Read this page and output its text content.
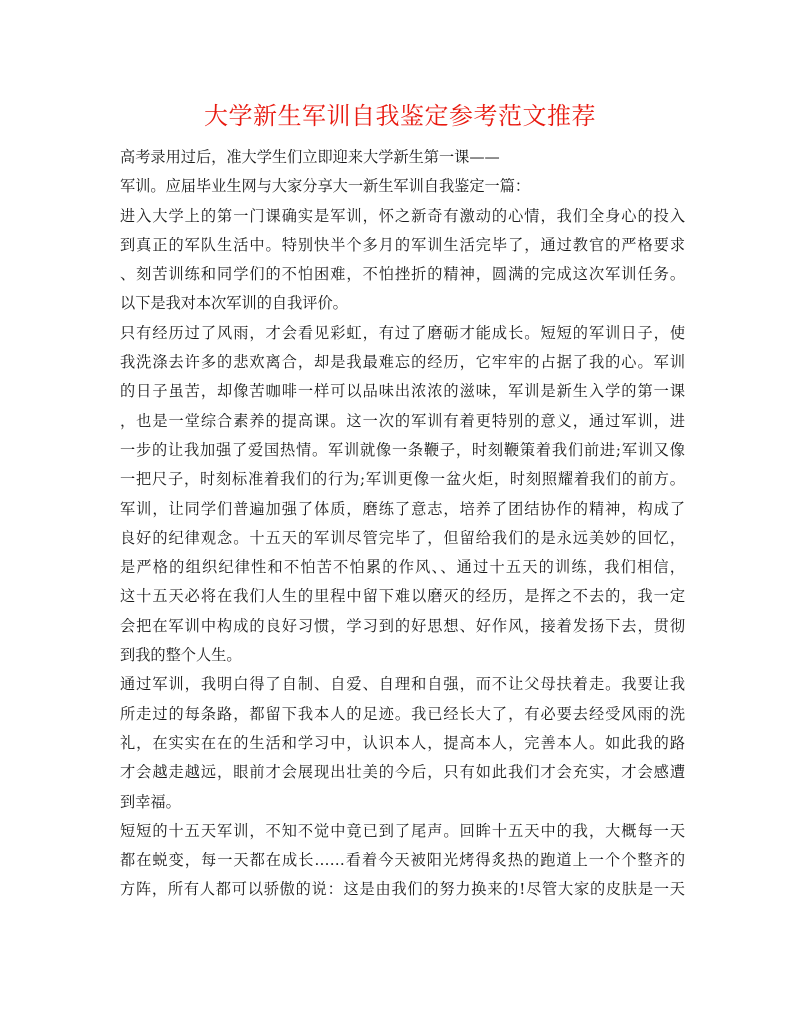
大学新生军训自我鉴定参考范文推荐
高考录用过后，准大学生们立即迎来大学新生第一课——
军训。应届毕业生网与大家分享大一新生军训自我鉴定一篇：
进入大学上的第一门课确实是军训，怀之新奇有激动的心情，我们全身心的投入
到真正的军队生活中。特别快半个多月的军训生活完毕了，通过教官的严格要求
、刻苦训练和同学们的不怕困难，不怕挫折的精神，圆满的完成这次军训任务。
以下是我对本次军训的自我评价。
只有经历过了风雨，才会看见彩虹，有过了磨砺才能成长。短短的军训日子，使
我洗涤去许多的悲欢离合，却是我最难忘的经历，它牢牢的占据了我的心。军训
的日子虽苦，却像苦咖啡一样可以品味出浓浓的滋味，军训是新生入学的第一课
，也是一堂综合素养的提高课。这一次的军训有着更特别的意义，通过军训，进
一步的让我加强了爱国热情。军训就像一条鞭子，时刻鞭策着我们前进;军训又像
一把尺子，时刻标准着我们的行为;军训更像一盆火炬，时刻照耀着我们的前方。
军训，让同学们普遍加强了体质，磨练了意志，培养了团结协作的精神，构成了
良好的纪律观念。十五天的军训尽管完毕了，但留给我们的是永远美妙的回忆，
是严格的组织纪律性和不怕苦不怕累的作风、、通过十五天的训练，我们相信，
这十五天必将在我们人生的里程中留下难以磨灭的经历，是挥之不去的，我一定
会把在军训中构成的良好习惯，学习到的好思想、好作风，接着发扬下去，贯彻
到我的整个人生。
通过军训，我明白得了自制、自爱、自理和自强，而不让父母扶着走。我要让我
所走过的每条路，都留下我本人的足迹。我已经长大了，有必要去经受风雨的洗
礼，在实实在在的生活和学习中，认识本人，提高本人，完善本人。如此我的路
才会越走越远，眼前才会展现出壮美的今后，只有如此我们才会充实，才会感遭
到幸福。
短短的十五天军训，不知不觉中竟已到了尾声。回眸十五天中的我，大概每一天
都在蜕变，每一天都在成长……看着今天被阳光烤得炙热的跑道上一个个整齐的
方阵，所有人都可以骄傲的说：这是由我们的努力换来的!尽管大家的皮肤是一天
